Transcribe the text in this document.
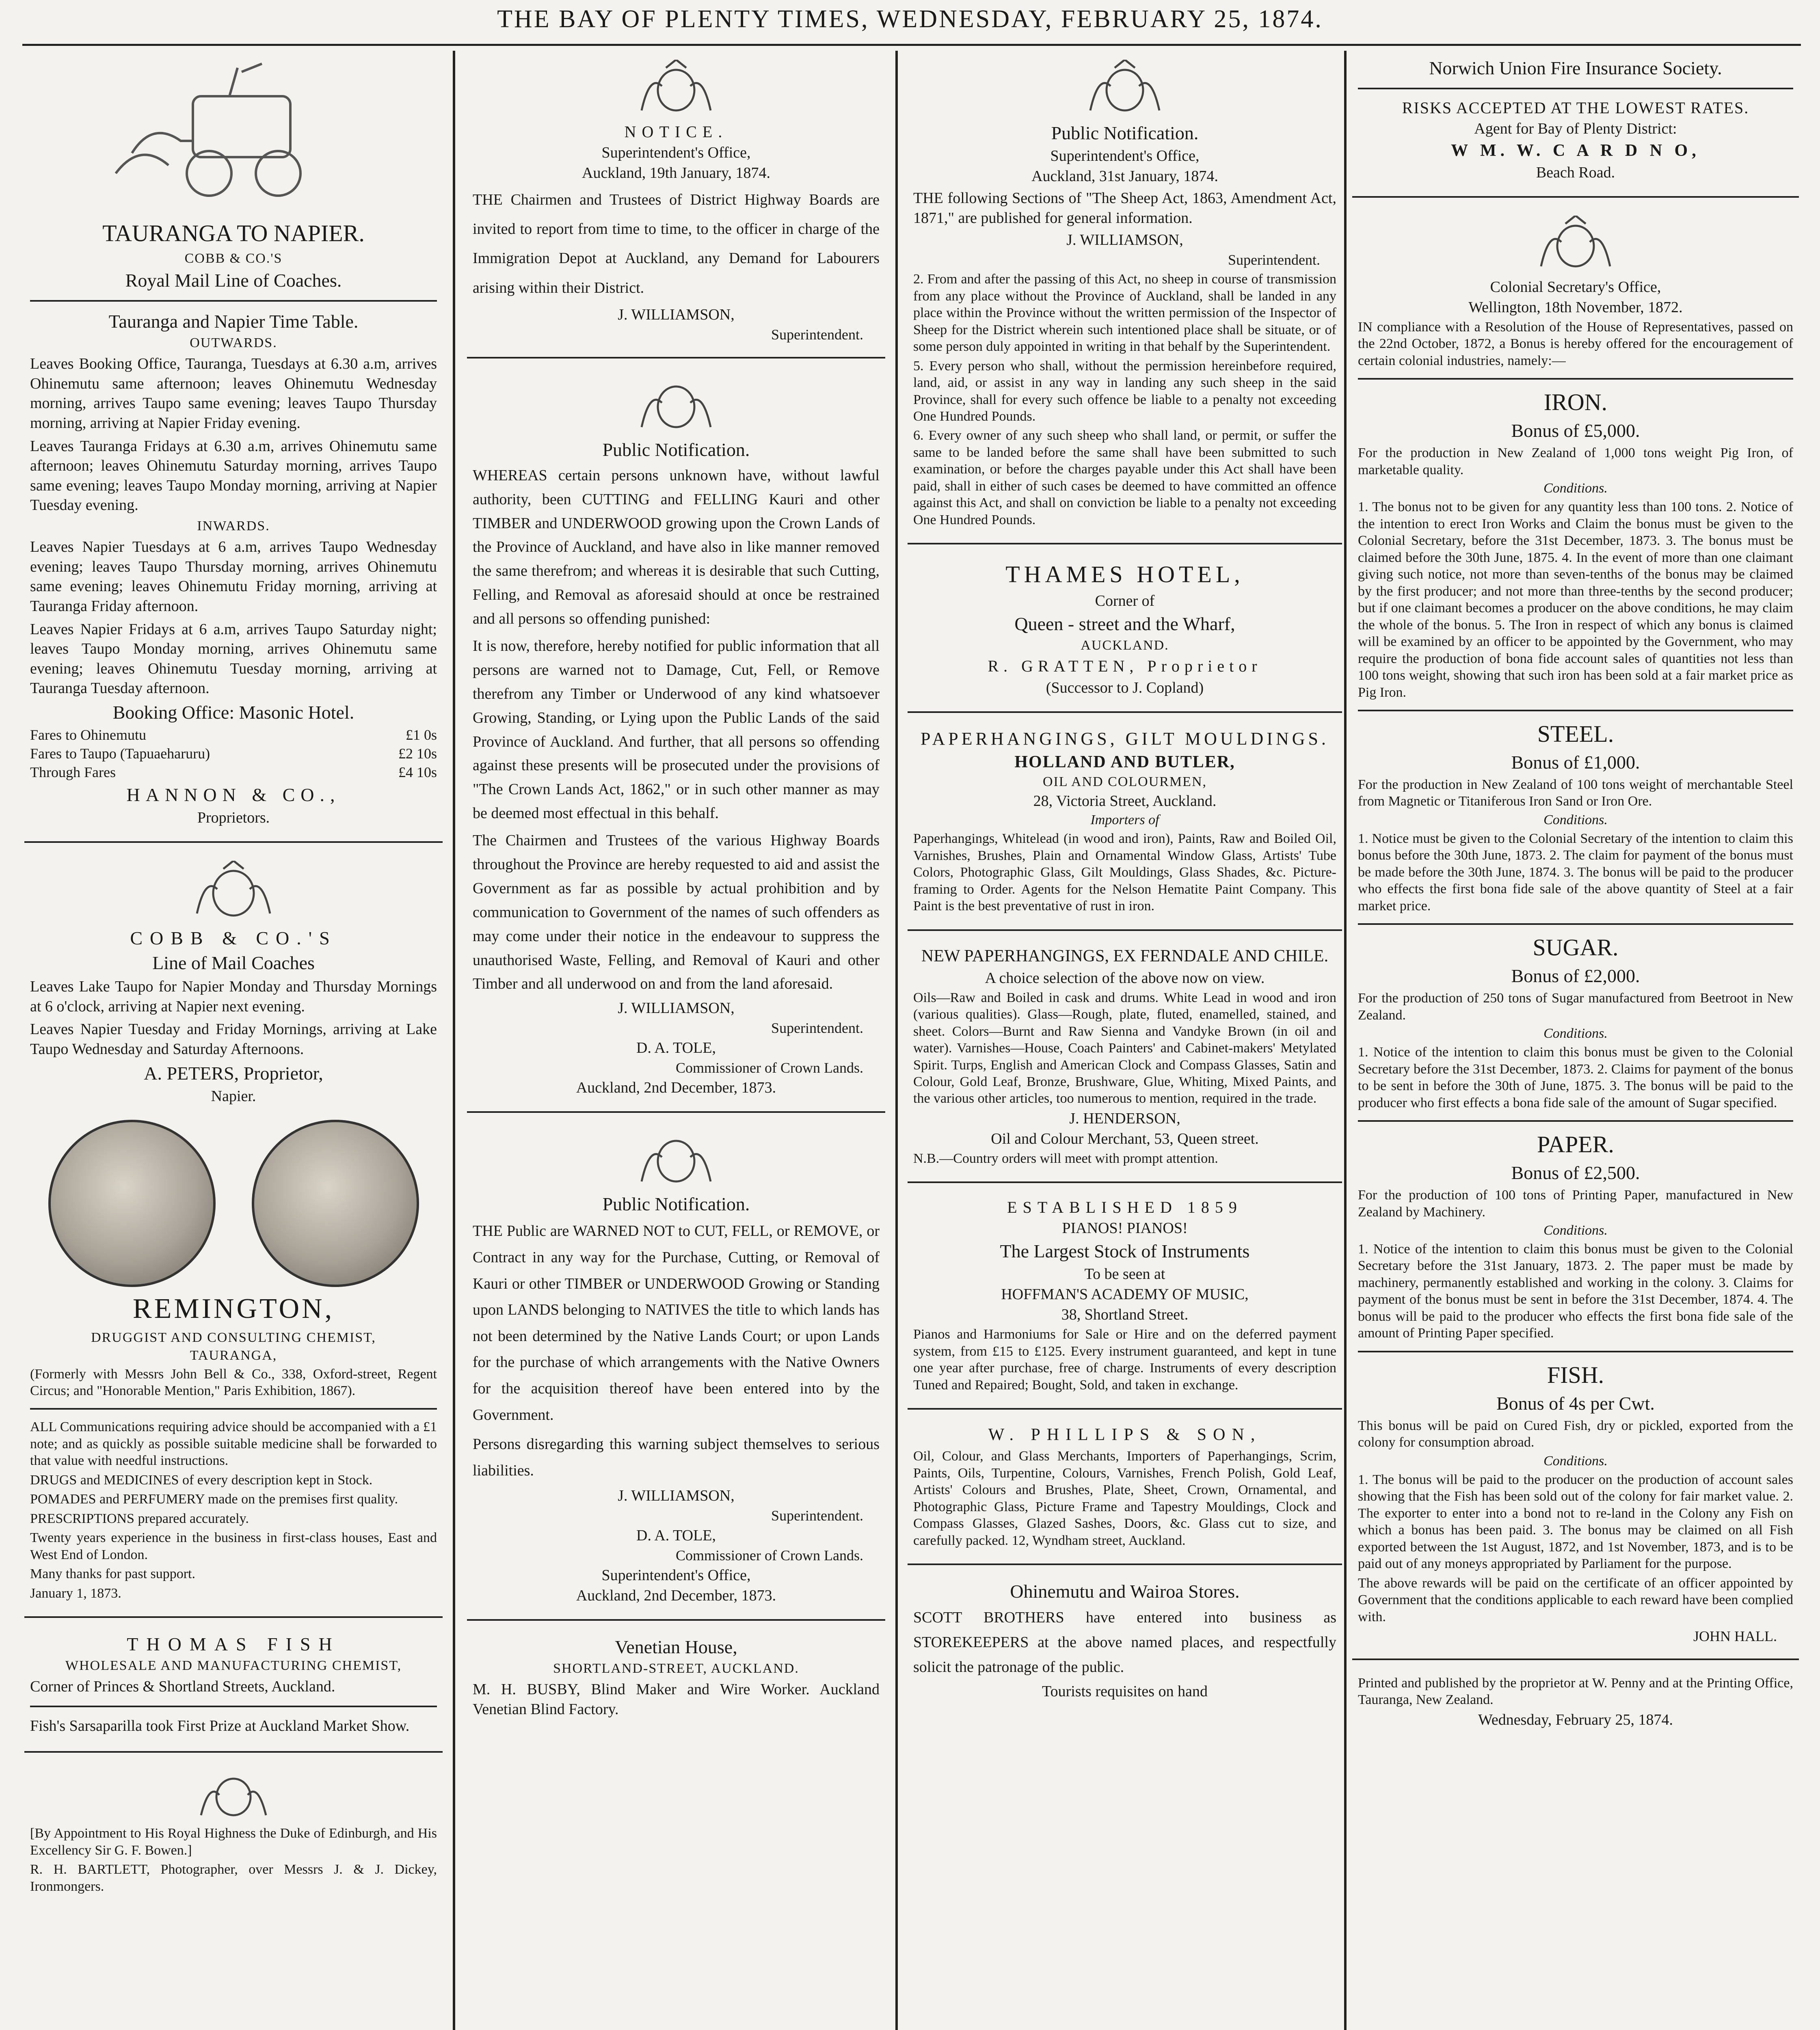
THE BAY OF PLENTY TIMES, WEDNESDAY, FEBRUARY 25, 1874.
TAURANGA TO NAPIER.
COBB & CO.'S
Royal Mail Line of Coaches.
Tauranga and Napier Time Table.
OUTWARDS.
Leaves Booking Office, Tauranga, Tuesdays at 6.30 a.m, arrives Ohinemutu same afternoon; leaves Ohinemutu Wednesday morning, arrives Taupo same evening; leaves Taupo Thursday morning, arriving at Napier Friday evening.
Leaves Tauranga Fridays at 6.30 a.m, arrives Ohinemutu same afternoon; leaves Ohinemutu Saturday morning, arrives Taupo same evening; leaves Taupo Monday morning, arriving at Napier Tuesday evening.
INWARDS.
Leaves Napier Tuesdays at 6 a.m, arrives Taupo Wednesday evening; leaves Taupo Thursday morning, arrives Ohinemutu same evening; leaves Ohinemutu Friday morning, arriving at Tauranga Friday afternoon.
Leaves Napier Fridays at 6 a.m, arrives Taupo Saturday night; leaves Taupo Monday morning, arrives Ohinemutu same evening; leaves Ohinemutu Tuesday morning, arriving at Tauranga Tuesday afternoon.
Booking Office: Masonic Hotel.
Fares to Ohinemutu	£1 0s
Fares to Taupo (Tapuaeharuru)	£2 10s
Through Fares	£4 10s
HANNON & CO.,
Proprietors.
COBB & CO.'S
Line of Mail Coaches
Leaves Lake Taupo for Napier Monday and Thursday Mornings at 6 o'clock, arriving at Napier next evening.
Leaves Napier Tuesday and Friday Mornings, arriving at Lake Taupo Wednesday and Saturday Afternoons.
A. PETERS, Proprietor,
Napier.
REMINGTON,
DRUGGIST AND CONSULTING CHEMIST,
TAURANGA,
(Formerly with Messrs John Bell & Co., 338, Oxford-street, Regent Circus; and "Honorable Mention," Paris Exhibition, 1867).
ALL Communications requiring advice should be accompanied with a £1 note; and as quickly as possible suitable medicine shall be forwarded to that value with needful instructions.
DRUGS and MEDICINES of every description kept in Stock.
POMADES and PERFUMERY made on the premises first quality.
PRESCRIPTIONS prepared accurately.
Twenty years experience in the business in first-class houses, East and West End of London.
Many thanks for past support.
January 1, 1873.
THOMAS FISH
WHOLESALE AND MANUFACTURING CHEMIST,
Corner of Princes & Shortland Streets, Auckland.
Fish's Sarsaparilla took First Prize at Auckland Market Show.
[By Appointment to His Royal Highness the Duke of Edinburgh, and His Excellency Sir G. F. Bowen.]
R. H. BARTLETT, Photographer, over Messrs J. & J. Dickey, Ironmongers.
NOTICE.
Superintendent's Office,
Auckland, 19th January, 1874.
THE Chairmen and Trustees of District Highway Boards are invited to report from time to time, to the officer in charge of the Immigration Depot at Auckland, any Demand for Labourers arising within their District.
J. WILLIAMSON,
Superintendent.
Public Notification.
WHEREAS certain persons unknown have, without lawful authority, been CUTTING and FELLING Kauri and other TIMBER and UNDERWOOD growing upon the Crown Lands of the Province of Auckland, and have also in like manner removed the same therefrom; and whereas it is desirable that such Cutting, Felling, and Removal as aforesaid should at once be restrained and all persons so offending punished:
It is now, therefore, hereby notified for public information that all persons are warned not to Damage, Cut, Fell, or Remove therefrom any Timber or Underwood of any kind whatsoever Growing, Standing, or Lying upon the Public Lands of the said Province of Auckland. And further, that all persons so offending against these presents will be prosecuted under the provisions of "The Crown Lands Act, 1862," or in such other manner as may be deemed most effectual in this behalf.
The Chairmen and Trustees of the various Highway Boards throughout the Province are hereby requested to aid and assist the Government as far as possible by actual prohibition and by communication to Government of the names of such offenders as may come under their notice in the endeavour to suppress the unauthorised Waste, Felling, and Removal of Kauri and other Timber and all underwood on and from the land aforesaid.
J. WILLIAMSON,
Superintendent.
D. A. TOLE,
Commissioner of Crown Lands.
Auckland, 2nd December, 1873.
Public Notification.
THE Public are WARNED NOT to CUT, FELL, or REMOVE, or Contract in any way for the Purchase, Cutting, or Removal of Kauri or other TIMBER or UNDERWOOD Growing or Standing upon LANDS belonging to NATIVES the title to which lands has not been determined by the Native Lands Court; or upon Lands for the purchase of which arrangements with the Native Owners for the acquisition thereof have been entered into by the Government.
Persons disregarding this warning subject themselves to serious liabilities.
J. WILLIAMSON,
Superintendent.
D. A. TOLE,
Commissioner of Crown Lands.
Superintendent's Office,
Auckland, 2nd December, 1873.
Venetian House,
SHORTLAND-STREET, AUCKLAND.
M. H. BUSBY, Blind Maker and Wire Worker. Auckland Venetian Blind Factory.
Public Notification.
Superintendent's Office,
Auckland, 31st January, 1874.
THE following Sections of "The Sheep Act, 1863, Amendment Act, 1871," are published for general information.
J. WILLIAMSON,
Superintendent.
2. From and after the passing of this Act, no sheep in course of transmission from any place without the Province of Auckland, shall be landed in any place within the Province without the written permission of the Inspector of Sheep for the District wherein such intentioned place shall be situate, or of some person duly appointed in writing in that behalf by the Superintendent.
5. Every person who shall, without the permission hereinbefore required, land, aid, or assist in any way in landing any such sheep in the said Province, shall for every such offence be liable to a penalty not exceeding One Hundred Pounds.
6. Every owner of any such sheep who shall land, or permit, or suffer the same to be landed before the same shall have been submitted to such examination, or before the charges payable under this Act shall have been paid, shall in either of such cases be deemed to have committed an offence against this Act, and shall on conviction be liable to a penalty not exceeding One Hundred Pounds.
THAMES HOTEL,
Corner of
Queen - street and the Wharf,
AUCKLAND.
R. GRATTEN, Proprietor
(Successor to J. Copland)
PAPERHANGINGS, GILT MOULDINGS.
HOLLAND AND BUTLER,
OIL AND COLOURMEN,
28, Victoria Street, Auckland.
Importers of
Paperhangings, Whitelead (in wood and iron), Paints, Raw and Boiled Oil, Varnishes, Brushes, Plain and Ornamental Window Glass, Artists' Tube Colors, Photographic Glass, Gilt Mouldings, Glass Shades, &c. Picture-framing to Order. Agents for the Nelson Hematite Paint Company. This Paint is the best preventative of rust in iron.
NEW PAPERHANGINGS, EX FERNDALE AND CHILE.
A choice selection of the above now on view.
Oils—Raw and Boiled in cask and drums. White Lead in wood and iron (various qualities). Glass—Rough, plate, fluted, enamelled, stained, and sheet. Colors—Burnt and Raw Sienna and Vandyke Brown (in oil and water). Varnishes—House, Coach Painters' and Cabinet-makers' Metylated Spirit. Turps, English and American Clock and Compass Glasses, Satin and Colour, Gold Leaf, Bronze, Brushware, Glue, Whiting, Mixed Paints, and the various other articles, too numerous to mention, required in the trade.
J. HENDERSON,
Oil and Colour Merchant, 53, Queen street.
N.B.—Country orders will meet with prompt attention.
ESTABLISHED 1859
PIANOS! PIANOS!
The Largest Stock of Instruments
To be seen at
HOFFMAN'S ACADEMY OF MUSIC,
38, Shortland Street.
Pianos and Harmoniums for Sale or Hire and on the deferred payment system, from £15 to £125. Every instrument guaranteed, and kept in tune one year after purchase, free of charge. Instruments of every description Tuned and Repaired; Bought, Sold, and taken in exchange.
W. PHILLIPS & SON,
Oil, Colour, and Glass Merchants, Importers of Paperhangings, Scrim, Paints, Oils, Turpentine, Colours, Varnishes, French Polish, Gold Leaf, Artists' Colours and Brushes, Plate, Sheet, Crown, Ornamental, and Photographic Glass, Picture Frame and Tapestry Mouldings, Clock and Compass Glasses, Glazed Sashes, Doors, &c. Glass cut to size, and carefully packed. 12, Wyndham street, Auckland.
Ohinemutu and Wairoa Stores.
SCOTT BROTHERS have entered into business as STOREKEEPERS at the above named places, and respectfully solicit the patronage of the public.
Tourists requisites on hand
Norwich Union Fire Insurance Society.
RISKS ACCEPTED AT THE LOWEST RATES.
Agent for Bay of Plenty District:
W M. W. C A R D N O,
Beach Road.
Colonial Secretary's Office,
Wellington, 18th November, 1872.
IN compliance with a Resolution of the House of Representatives, passed on the 22nd October, 1872, a Bonus is hereby offered for the encouragement of certain colonial industries, namely:—
IRON.
Bonus of £5,000.
For the production in New Zealand of 1,000 tons weight Pig Iron, of marketable quality.
Conditions.
1. The bonus not to be given for any quantity less than 100 tons. 2. Notice of the intention to erect Iron Works and Claim the bonus must be given to the Colonial Secretary, before the 31st December, 1873. 3. The bonus must be claimed before the 30th June, 1875. 4. In the event of more than one claimant giving such notice, not more than seven-tenths of the bonus may be claimed by the first producer; and not more than three-tenths by the second producer; but if one claimant becomes a producer on the above conditions, he may claim the whole of the bonus. 5. The Iron in respect of which any bonus is claimed will be examined by an officer to be appointed by the Government, who may require the production of bona fide account sales of quantities not less than 100 tons weight, showing that such iron has been sold at a fair market price as Pig Iron.
STEEL.
Bonus of £1,000.
For the production in New Zealand of 100 tons weight of merchantable Steel from Magnetic or Titaniferous Iron Sand or Iron Ore.
Conditions.
1. Notice must be given to the Colonial Secretary of the intention to claim this bonus before the 30th June, 1873. 2. The claim for payment of the bonus must be made before the 30th June, 1874. 3. The bonus will be paid to the producer who effects the first bona fide sale of the above quantity of Steel at a fair market price.
SUGAR.
Bonus of £2,000.
For the production of 250 tons of Sugar manufactured from Beetroot in New Zealand.
Conditions.
1. Notice of the intention to claim this bonus must be given to the Colonial Secretary before the 31st December, 1873. 2. Claims for payment of the bonus to be sent in before the 30th of June, 1875. 3. The bonus will be paid to the producer who first effects a bona fide sale of the amount of Sugar specified.
PAPER.
Bonus of £2,500.
For the production of 100 tons of Printing Paper, manufactured in New Zealand by Machinery.
Conditions.
1. Notice of the intention to claim this bonus must be given to the Colonial Secretary before the 31st January, 1873. 2. The paper must be made by machinery, permanently established and working in the colony. 3. Claims for payment of the bonus must be sent in before the 31st December, 1874. 4. The bonus will be paid to the producer who effects the first bona fide sale of the amount of Printing Paper specified.
FISH.
Bonus of 4s per Cwt.
This bonus will be paid on Cured Fish, dry or pickled, exported from the colony for consumption abroad.
Conditions.
1. The bonus will be paid to the producer on the production of account sales showing that the Fish has been sold out of the colony for fair market value. 2. The exporter to enter into a bond not to re-land in the Colony any Fish on which a bonus has been paid. 3. The bonus may be claimed on all Fish exported between the 1st August, 1872, and 1st November, 1873, and is to be paid out of any moneys appropriated by Parliament for the purpose.
The above rewards will be paid on the certificate of an officer appointed by Government that the conditions applicable to each reward have been complied with.
JOHN HALL.
Printed and published by the proprietor at W. Penny and at the Printing Office, Tauranga, New Zealand.
Wednesday, February 25, 1874.
